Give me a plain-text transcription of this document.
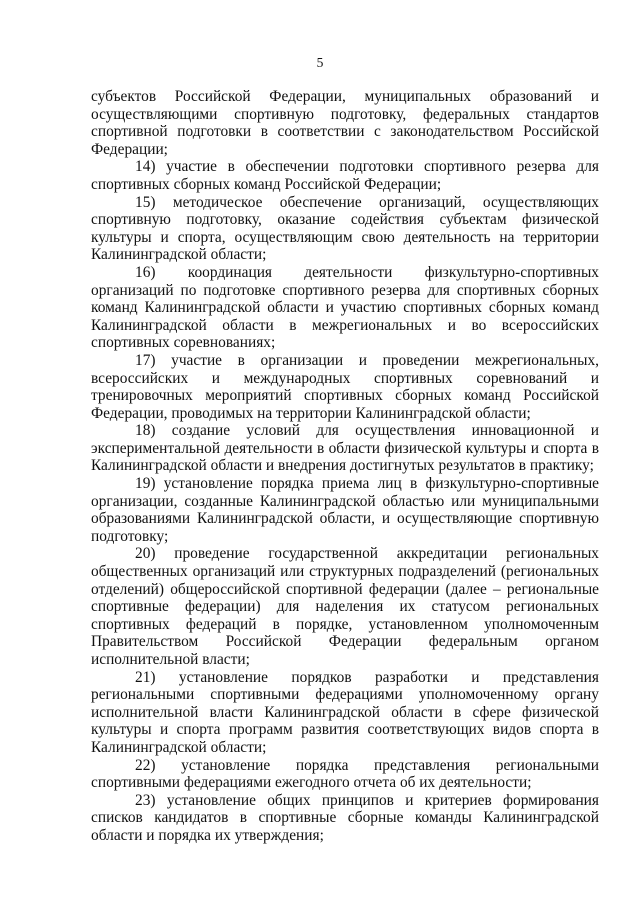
5

субъектов Российской Федерации, муниципальных образований и осуществляющими спортивную подготовку, федеральных стандартов спортивной подготовки в соответствии с законодательством Российской Федерации;

14) участие в обеспечении подготовки спортивного резерва для спортивных сборных команд Российской Федерации;

15) методическое обеспечение организаций, осуществляющих спортивную подготовку, оказание содействия субъектам физической культуры и спорта, осуществляющим свою деятельность на территории Калининградской области;

16) координация деятельности физкультурно-спортивных организаций по подготовке спортивного резерва для спортивных сборных команд Калининградской области и участию спортивных сборных команд Калининградской области в межрегиональных и во всероссийских спортивных соревнованиях;

17) участие в организации и проведении межрегиональных, всероссийских и международных спортивных соревнований и тренировочных мероприятий спортивных сборных команд Российской Федерации, проводимых на территории Калининградской области;

18) создание условий для осуществления инновационной и экспериментальной деятельности в области физической культуры и спорта в Калининградской области и внедрения достигнутых результатов в практику;

19) установление порядка приема лиц в физкультурно-спортивные организации, созданные Калининградской областью или муниципальными образованиями Калининградской области, и осуществляющие спортивную подготовку;

20) проведение государственной аккредитации региональных общественных организаций или структурных подразделений (региональных отделений) общероссийской спортивной федерации (далее – региональные спортивные федерации) для наделения их статусом региональных спортивных федераций в порядке, установленном уполномоченным Правительством Российской Федерации федеральным органом исполнительной власти;

21) установление порядков разработки и представления региональными спортивными федерациями уполномоченному органу исполнительной власти Калининградской области в сфере физической культуры и спорта программ развития соответствующих видов спорта в Калининградской области;

22) установление порядка представления региональными спортивными федерациями ежегодного отчета об их деятельности;

23) установление общих принципов и критериев формирования списков кандидатов в спортивные сборные команды Калининградской области и порядка их утверждения;
